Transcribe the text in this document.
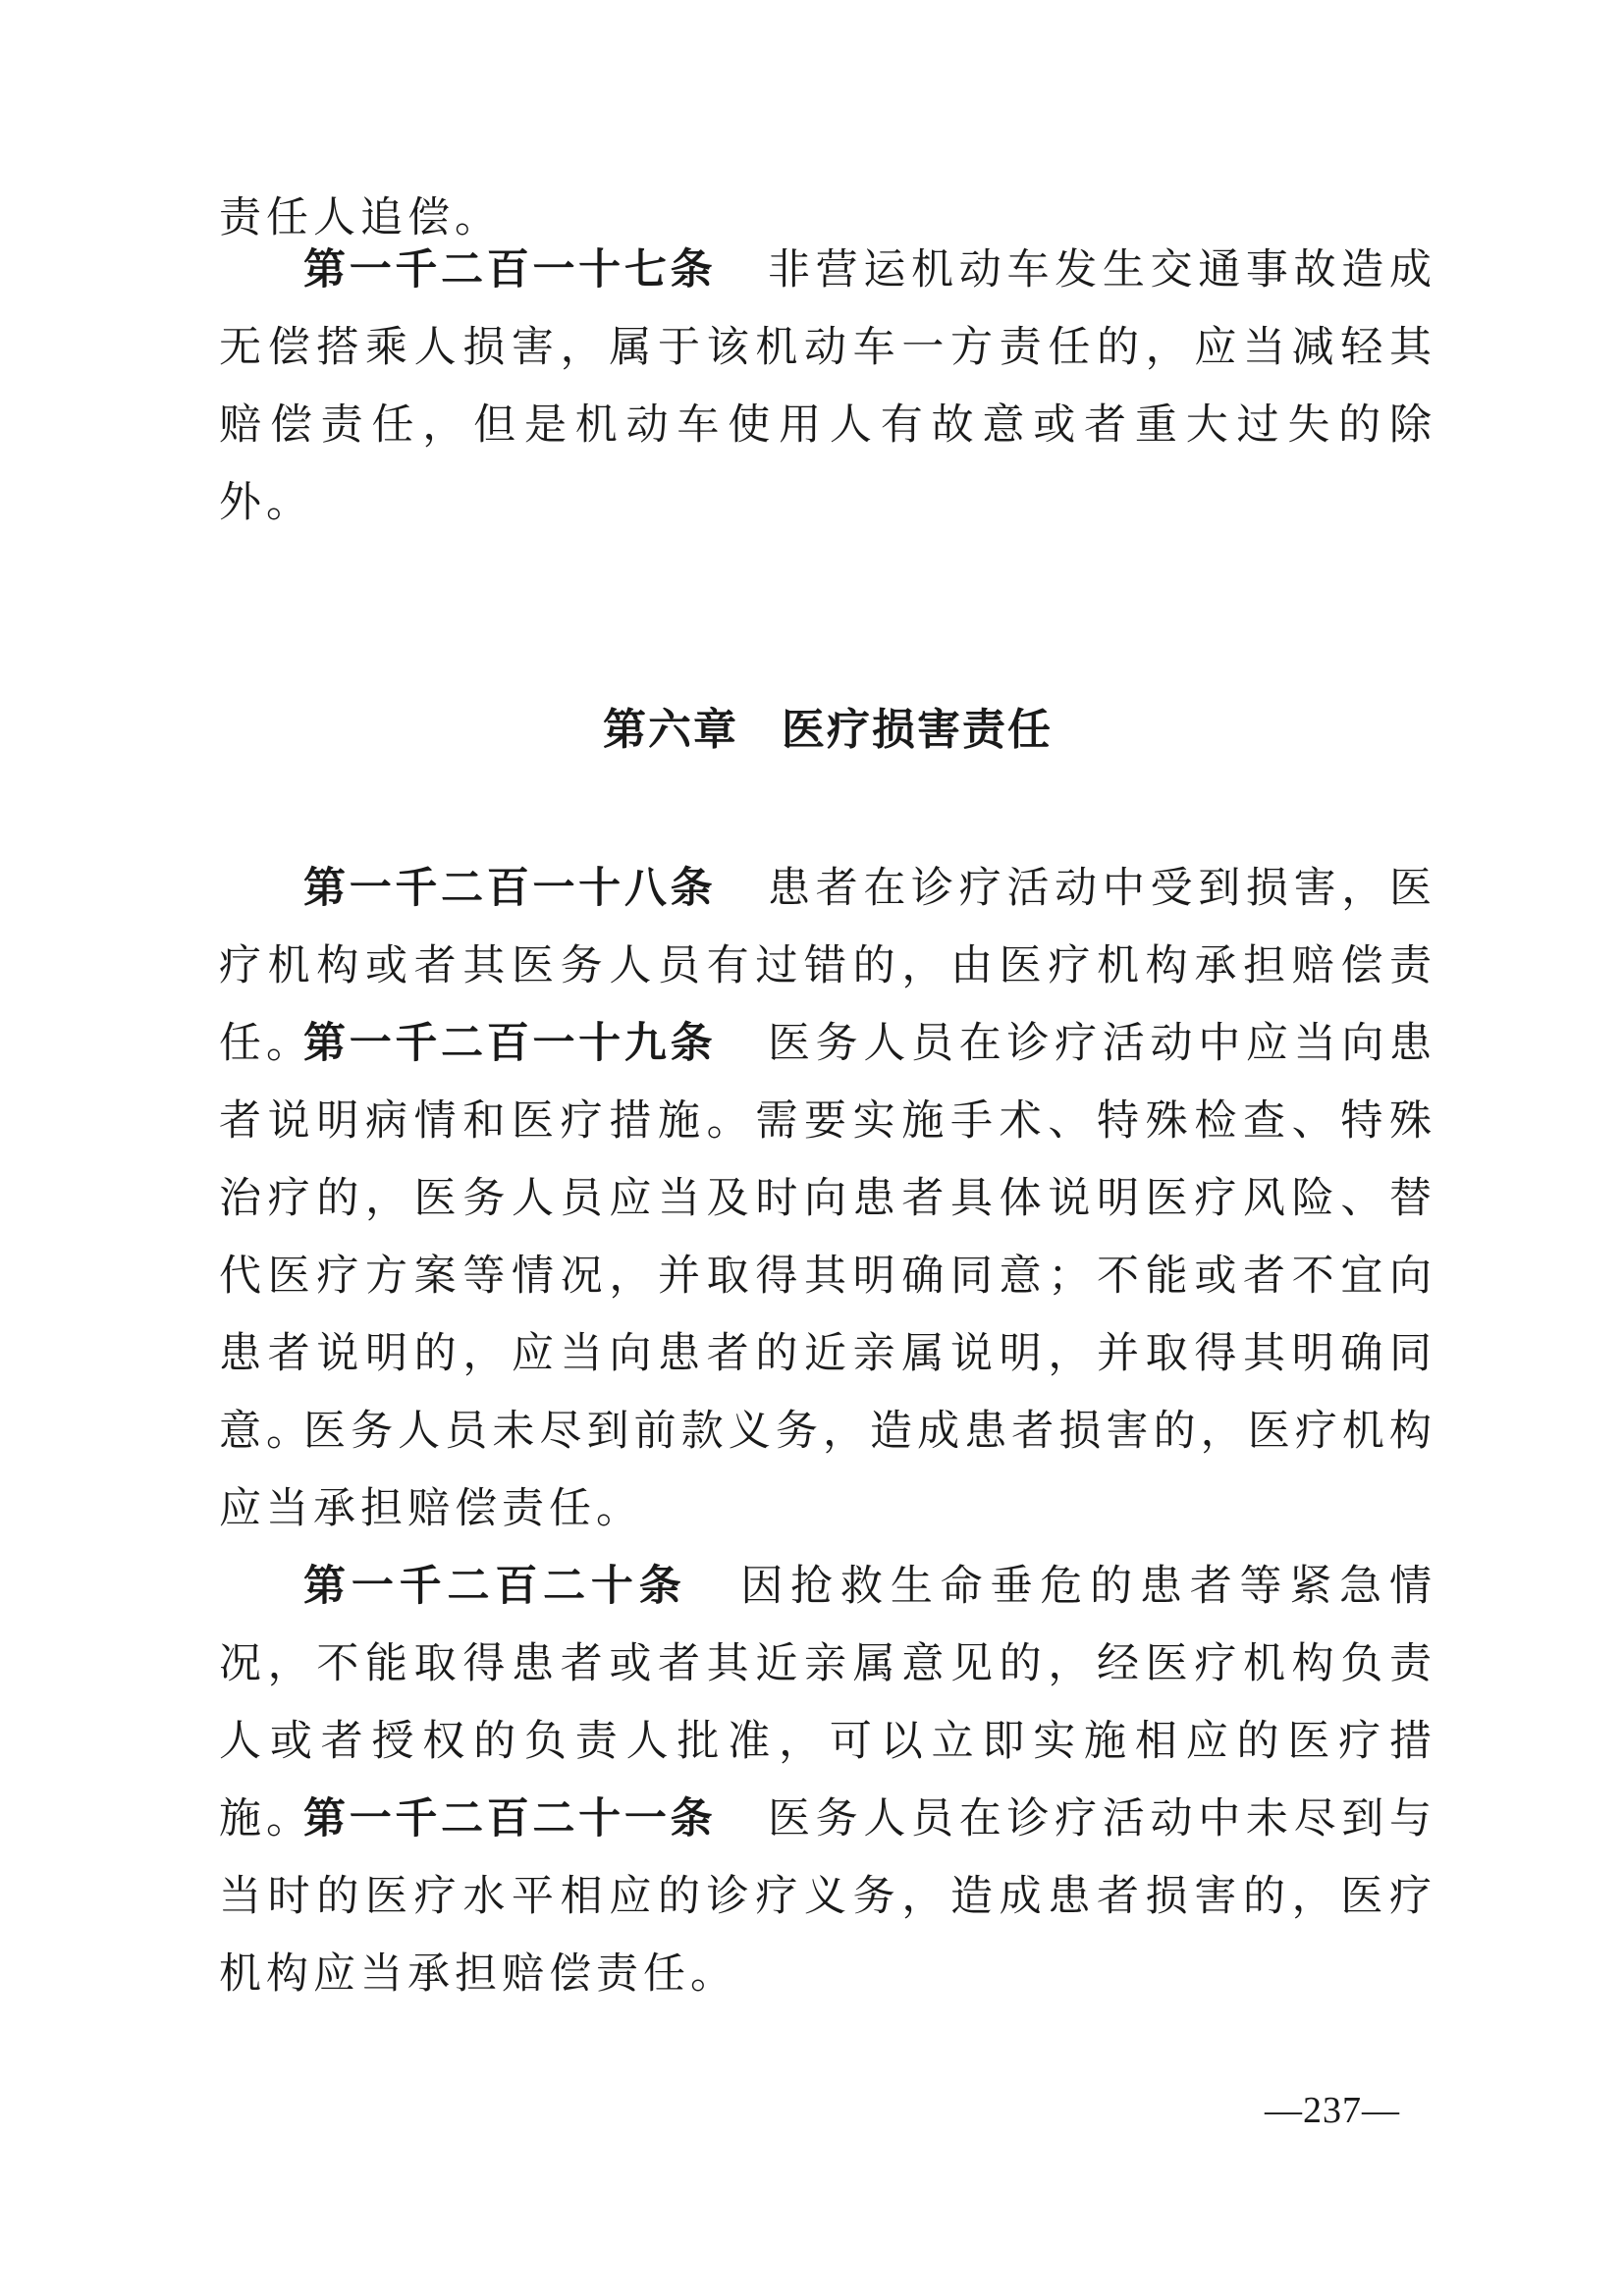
责任人追偿。

第一千二百一十七条 非营运机动车发生交通事故造成无偿搭乘人损害，属于该机动车一方责任的，应当减轻其赔偿责任，但是机动车使用人有故意或者重大过失的除外。

第六章 医疗损害责任

第一千二百一十八条 患者在诊疗活动中受到损害，医疗机构或者其医务人员有过错的，由医疗机构承担赔偿责任。

第一千二百一十九条 医务人员在诊疗活动中应当向患者说明病情和医疗措施。需要实施手术、特殊检查、特殊治疗的，医务人员应当及时向患者具体说明医疗风险、替代医疗方案等情况，并取得其明确同意；不能或者不宜向患者说明的，应当向患者的近亲属说明，并取得其明确同意。

医务人员未尽到前款义务，造成患者损害的，医疗机构应当承担赔偿责任。

第一千二百二十条 因抢救生命垂危的患者等紧急情况，不能取得患者或者其近亲属意见的，经医疗机构负责人或者授权的负责人批准，可以立即实施相应的医疗措施。

第一千二百二十一条 医务人员在诊疗活动中未尽到与当时的医疗水平相应的诊疗义务，造成患者损害的，医疗机构应当承担赔偿责任。

—237—
